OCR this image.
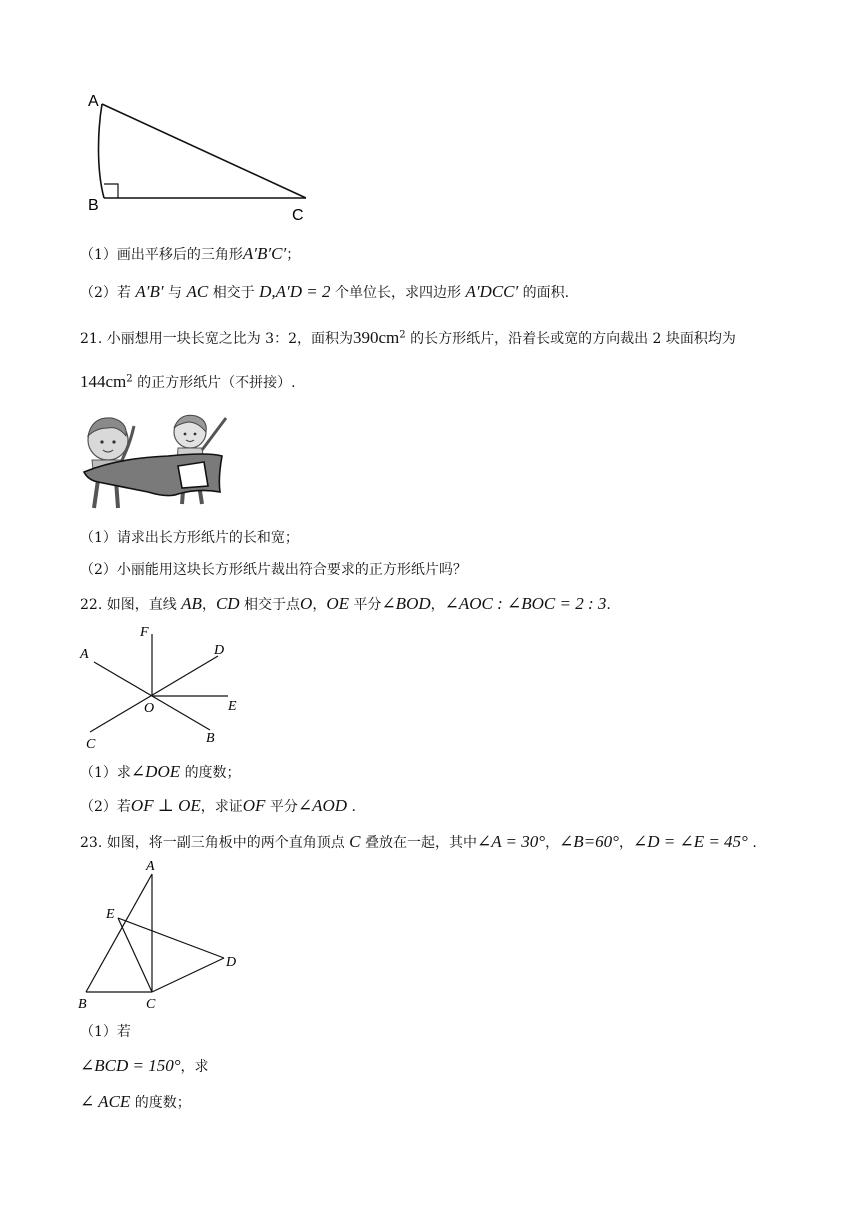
A
B
C
（1）画出平移后的三角形A′B′C′；
（2）若 A′B′ 与 AC 相交于 D,A′D = 2 个单位长，求四边形 A′DCC′ 的面积.
21. 小丽想用一块长宽之比为 3：2，面积为$390cm^2$ 的长方形纸片，沿着长或宽的方向裁出 2 块面积均为
$144cm^2$ 的正方形纸片（不拼接）.
（1）请求出长方形纸片的长和宽；
（2）小丽能用这块长方形纸片裁出符合要求的正方形纸片吗？
22. 如图，直线 AB，CD 相交于点O，OE 平分∠BOD，∠AOC : ∠BOC = 2 : 3.
F
A	D
E
O
B
C
（1）求∠DOE 的度数；
（2）若OF ⊥ OE，求证OF 平分∠AOD .
23. 如图，将一副三角板中的两个直角顶点 C 叠放在一起，其中∠A = 30°，∠B=60°，∠D = ∠E = 45° .
A
E
D
B	C
（1）若
∠BCD = 150°，求
∠ ACE 的度数；
